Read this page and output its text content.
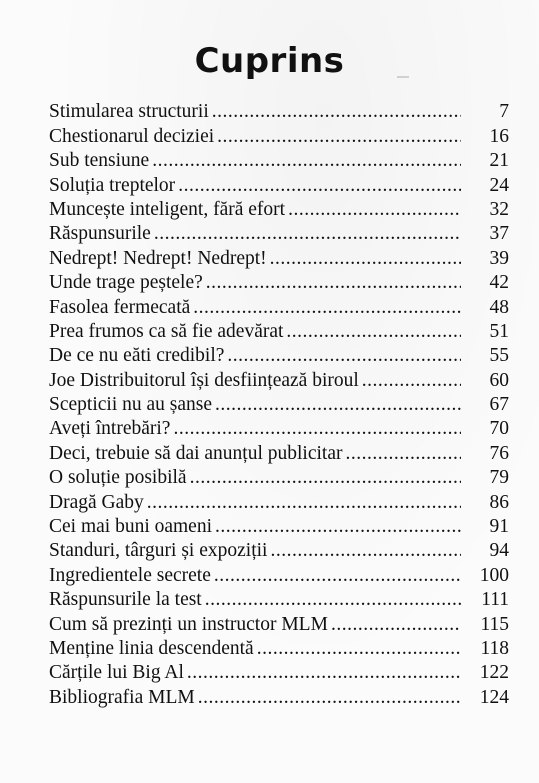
Cuprins
Stimularea structurii .....	7
Chestionarul deciziei .....	16
Sub tensiune .....	21
Soluția treptelor .....	24
Muncește inteligent, fără efort .....	32
Răspunsurile .....	37
Nedrept! Nedrept! Nedrept! .....	39
Unde trage peștele? .....	42
Fasolea fermecată .....	48
Prea frumos ca să fie adevărat .....	51
De ce nu eăti credibil? .....	55
Joe Distribuitorul își desființează biroul .....	60
Scepticii nu au șanse .....	67
Aveți întrebări? .....	70
Deci, trebuie să dai anunțul publicitar .....	76
O soluție posibilă .....	79
Dragă Gaby .....	86
Cei mai buni oameni .....	91
Standuri, târguri și expoziții .....	94
Ingredientele secrete .....	100
Răspunsurile la test .....	111
Cum să prezinți un instructor MLM .....	115
Menține linia descendentă .....	118
Cărțile lui Big Al .....	122
Bibliografia MLM .....	124
